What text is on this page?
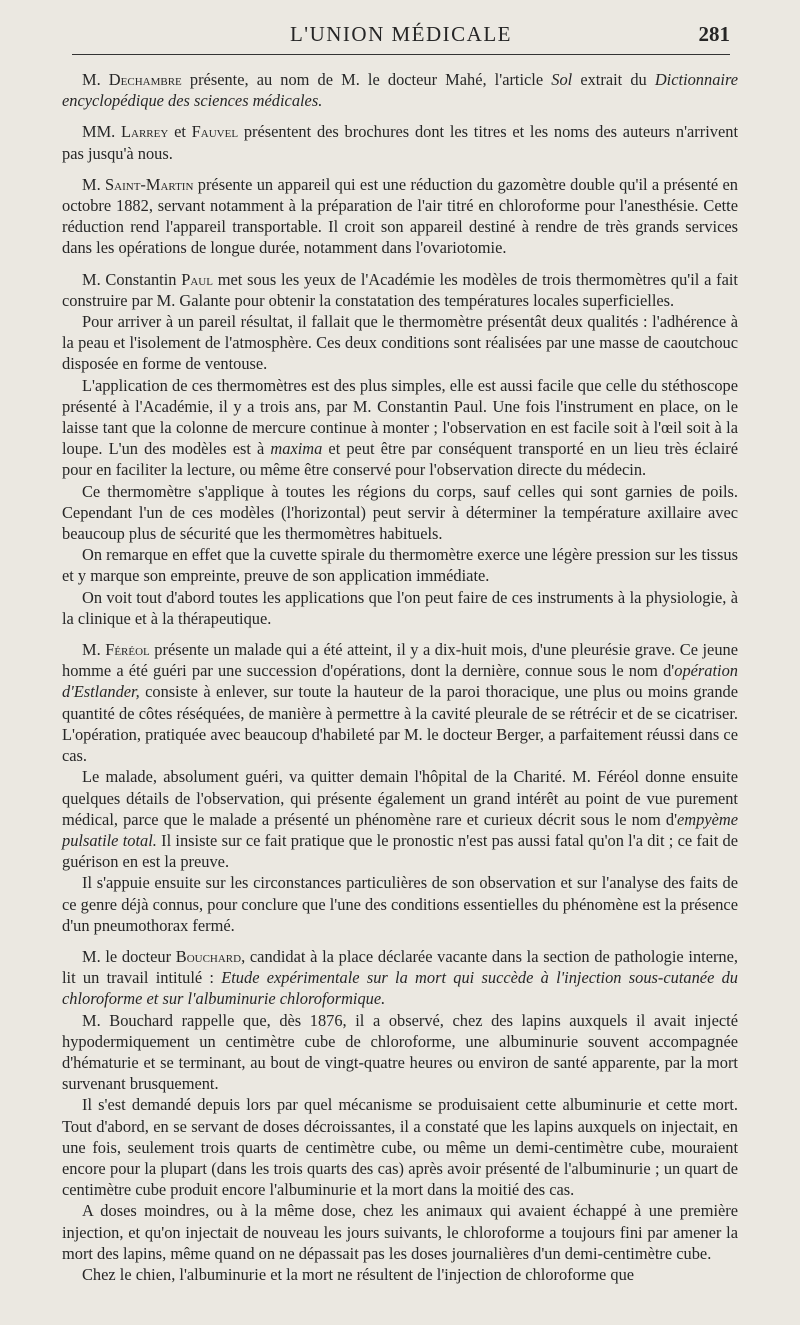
L'UNION MÉDICALE	281

M. Dechambre présente, au nom de M. le docteur Mahé, l'article Sol extrait du Dictionnaire encyclopédique des sciences médicales.

MM. Larrey et Fauvel présentent des brochures dont les titres et les noms des auteurs n'arrivent pas jusqu'à nous.

M. Saint-Martin présente un appareil qui est une réduction du gazomètre double qu'il a présenté en octobre 1882, servant notamment à la préparation de l'air titré en chloroforme pour l'anesthésie. Cette réduction rend l'appareil transportable. Il croit son appareil destiné à rendre de très grands services dans les opérations de longue durée, notamment dans l'ovariotomie.

M. Constantin Paul met sous les yeux de l'Académie les modèles de trois thermomètres qu'il a fait construire par M. Galante pour obtenir la constatation des températures locales superficielles.

Pour arriver à un pareil résultat, il fallait que le thermomètre présentât deux qualités : l'adhérence à la peau et l'isolement de l'atmosphère. Ces deux conditions sont réalisées par une masse de caoutchouc disposée en forme de ventouse.

L'application de ces thermomètres est des plus simples, elle est aussi facile que celle du stéthoscope présenté à l'Académie, il y a trois ans, par M. Constantin Paul. Une fois l'instrument en place, on le laisse tant que la colonne de mercure continue à monter ; l'observation en est facile soit à l'œil soit à la loupe. L'un des modèles est à maxima et peut être par conséquent transporté en un lieu très éclairé pour en faciliter la lecture, ou même être conservé pour l'observation directe du médecin.

Ce thermomètre s'applique à toutes les régions du corps, sauf celles qui sont garnies de poils. Cependant l'un de ces modèles (l'horizontal) peut servir à déterminer la température axillaire avec beaucoup plus de sécurité que les thermomètres habituels.

On remarque en effet que la cuvette spirale du thermomètre exerce une légère pression sur les tissus et y marque son empreinte, preuve de son application immédiate.

On voit tout d'abord toutes les applications que l'on peut faire de ces instruments à la physiologie, à la clinique et à la thérapeutique.

M. Féréol présente un malade qui a été atteint, il y a dix-huit mois, d'une pleurésie grave. Ce jeune homme a été guéri par une succession d'opérations, dont la dernière, connue sous le nom d'opération d'Estlander, consiste à enlever, sur toute la hauteur de la paroi thoracique, une plus ou moins grande quantité de côtes réséquées, de manière à permettre à la cavité pleurale de se rétrécir et de se cicatriser. L'opération, pratiquée avec beaucoup d'habileté par M. le docteur Berger, a parfaitement réussi dans ce cas.

Le malade, absolument guéri, va quitter demain l'hôpital de la Charité. M. Féréol donne ensuite quelques détails de l'observation, qui présente également un grand intérêt au point de vue purement médical, parce que le malade a présenté un phénomène rare et curieux décrit sous le nom d'empyème pulsatile total. Il insiste sur ce fait pratique que le pronostic n'est pas aussi fatal qu'on l'a dit ; ce fait de guérison en est la preuve.

Il s'appuie ensuite sur les circonstances particulières de son observation et sur l'analyse des faits de ce genre déjà connus, pour conclure que l'une des conditions essentielles du phénomène est la présence d'un pneumothorax fermé.

M. le docteur Bouchard, candidat à la place déclarée vacante dans la section de pathologie interne, lit un travail intitulé : Etude expérimentale sur la mort qui succède à l'injection sous-cutanée du chloroforme et sur l'albuminurie chloroformique.

M. Bouchard rappelle que, dès 1876, il a observé, chez des lapins auxquels il avait injecté hypodermiquement un centimètre cube de chloroforme, une albuminurie souvent accompagnée d'hématurie et se terminant, au bout de vingt-quatre heures ou environ de santé apparente, par la mort survenant brusquement.

Il s'est demandé depuis lors par quel mécanisme se produisaient cette albuminurie et cette mort. Tout d'abord, en se servant de doses décroissantes, il a constaté que les lapins auxquels on injectait, en une fois, seulement trois quarts de centimètre cube, ou même un demi-centimètre cube, mouraient encore pour la plupart (dans les trois quarts des cas) après avoir présenté de l'albuminurie ; un quart de centimètre cube produit encore l'albuminurie et la mort dans la moitié des cas.

A doses moindres, ou à la même dose, chez les animaux qui avaient échappé à une première injection, et qu'on injectait de nouveau les jours suivants, le chloroforme a toujours fini par amener la mort des lapins, même quand on ne dépassait pas les doses journalières d'un demi-centimètre cube.

Chez le chien, l'albuminurie et la mort ne résultent de l'injection de chloroforme que
